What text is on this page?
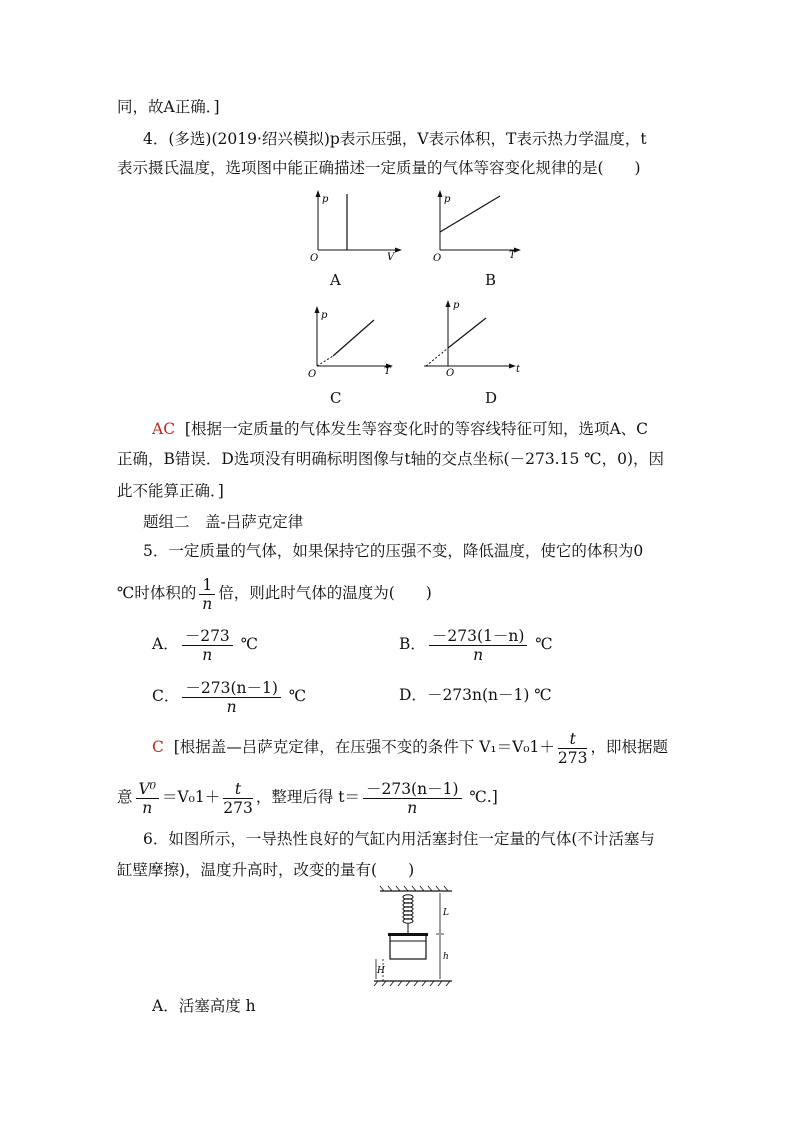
同，故A正确．]
4．(多选)(2019·绍兴模拟)p表示压强，V表示体积，T表示热力学温度，t
表示摄氏温度，选项图中能正确描述一定质量的气体等容变化规律的是(　　)
p
V
O
A
p
T
O
B
p
T
O
C
p
t
O
D
AC [根据一定质量的气体发生等容变化时的等容线特征可知，选项A、C
正确，B错误．D选项没有明确标明图像与t轴的交点坐标(－273.15 ℃，0)，因
此不能算正确．]
题组二　盖-吕萨克定律
5．一定质量的气体，如果保持它的压强不变，降低温度，使它的体积为0
℃时体积的 $\frac{1}{n}$ 倍，则此时气体的温度为(　　)
A． $\frac{-273}{n}$ ℃	B． $\frac{-273(1-n)}{n}$ ℃
C． $\frac{-273(n-1)}{n}$ ℃	D．－273n(n－1) ℃
C [根据盖—吕萨克定律，在压强不变的条件下 $V_1=V_01+ \frac{t}{273}$ ，即根据题
意 $\frac{\text{V⁰}}{n} =V_01+ \frac{t}{273}$ ，整理后得 $t= \frac{-273(n-1)}{n}$ ℃.]
6．如图所示，一导热性良好的气缸内用活塞封住一定量的气体(不计活塞与
缸壁摩擦)，温度升高时，改变的量有(　　)
L
h
H
A．活塞高度 h
